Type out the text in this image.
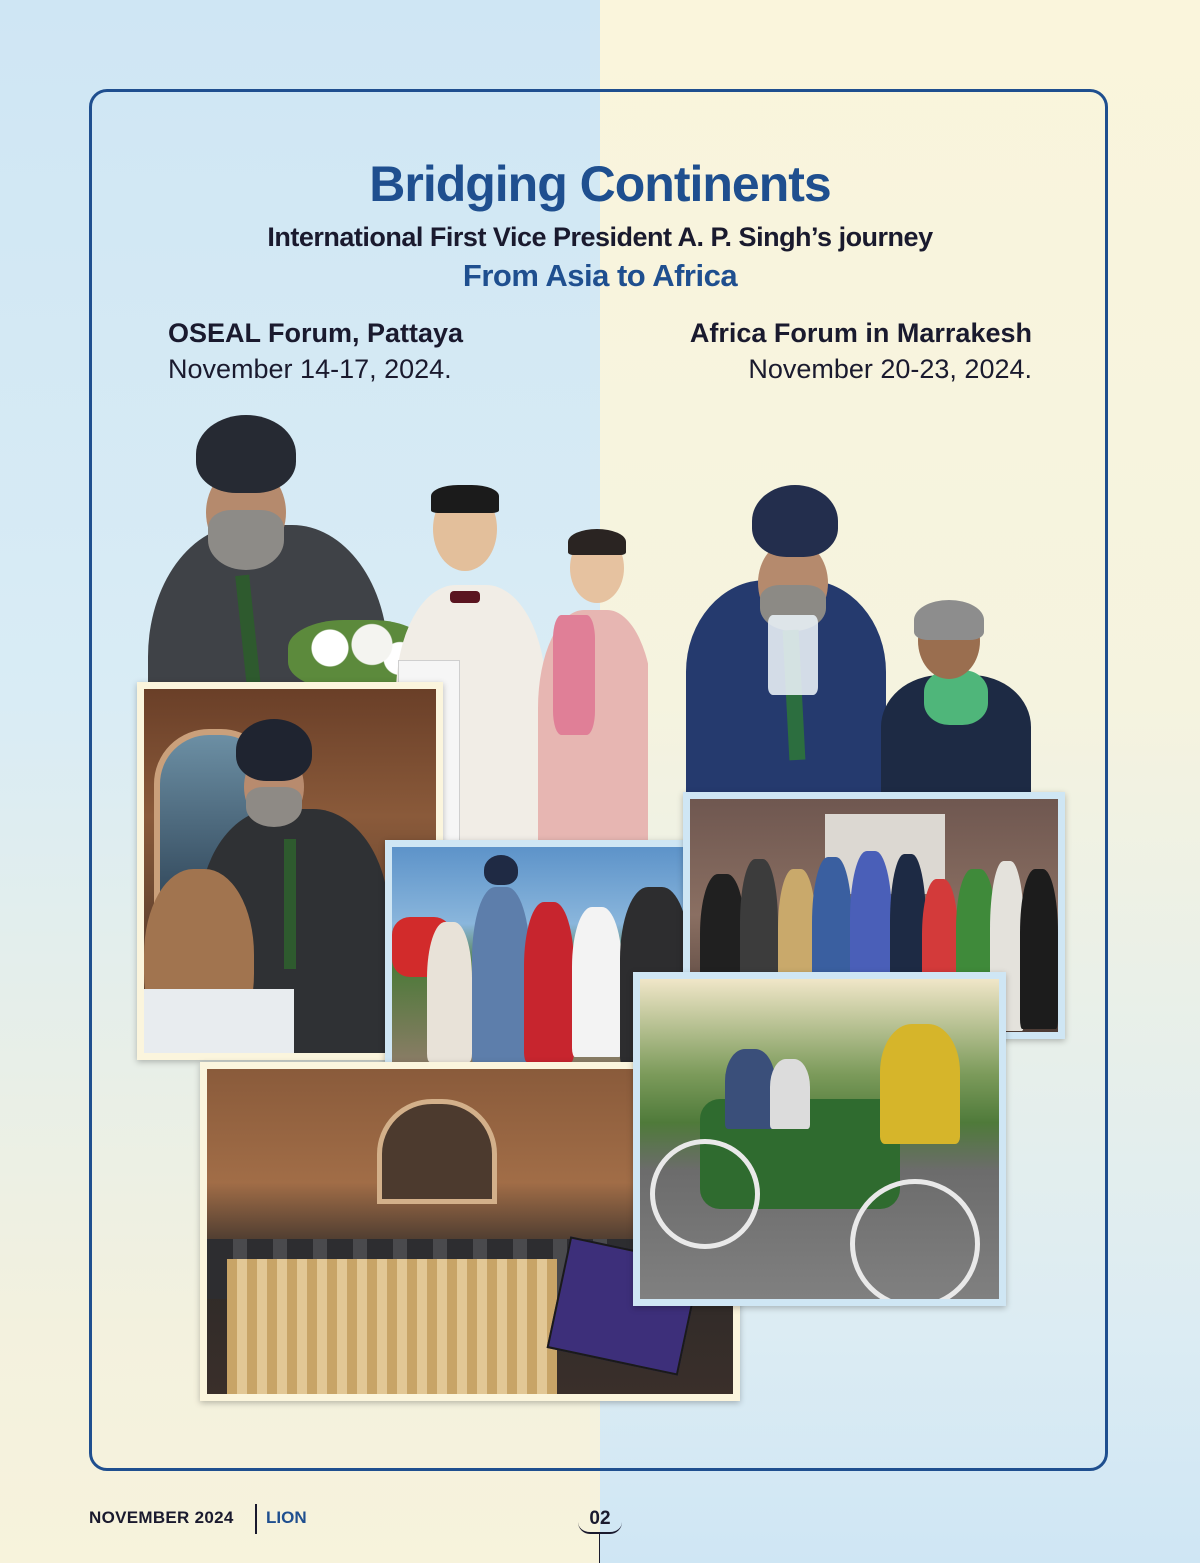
Bridging Continents
International First Vice President A. P. Singh’s journey
From Asia to Africa
OSEAL Forum, Pattaya
November 14-17, 2024.
Africa Forum in Marrakesh
November 20-23, 2024.
NOVEMBER 2024 LION	02
